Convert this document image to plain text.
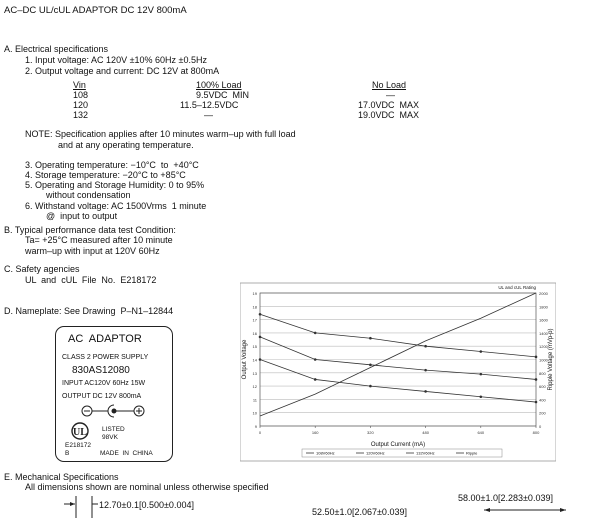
AC–DC UL/cUL ADAPTOR DC 12V 800mA
A. Electrical specifications
1. Input voltage: AC 120V ±10% 60Hz ±0.5Hz
2. Output voltage and current: DC 12V at 800mA
Vin	100% Load	No Load
108	9.5VDC  MIN	—
120	11.5–12.5VDC	17.0VDC  MAX
132	—	19.0VDC  MAX
NOTE: Specification applies after 10 minutes warm–up with full load
and at any operating temperature.
3. Operating temperature: −10°C  to  +40°C
4. Storage temperature: −20°C to +85°C
5. Operating and Storage Humidity: 0 to 95%
without condensation
6. Withstand voltage: AC 1500Vrms  1 minute
@  input to output
B. Typical performance data test Condition:
Ta= +25°C measured after 10 minute
warm–up with input at 120V 60Hz
C. Safety agencies
UL  and  cUL  File  No.  E218172
D. Nameplate: See Drawing  P–N1–12844
AC  ADAPTOR
CLASS 2 POWER SUPPLY
830AS12080
INPUT AC120V 60Hz 15W
OUTPUT DC 12V 800mA
UL LISTED
98VK
E218172
B	MADE  IN  CHINA
9
10
11
12
13
14
15
16
17
18
19
0
200
400
600
800
1000
1200
1400
1600
1800
2000
0	160	320	480	640	800
Output Current (mA)
Output Voltage	Ripple Voltage (mVp-p)
UL and cUL Rating
108V60Hz	120V60Hz	132V60Hz	Ripple
E. Mechanical Specifications
All dimensions shown are nominal unless otherwise specified
12.70±0.1[0.500±0.004]
52.50±1.0[2.067±0.039]
58.00±1.0[2.283±0.039]
